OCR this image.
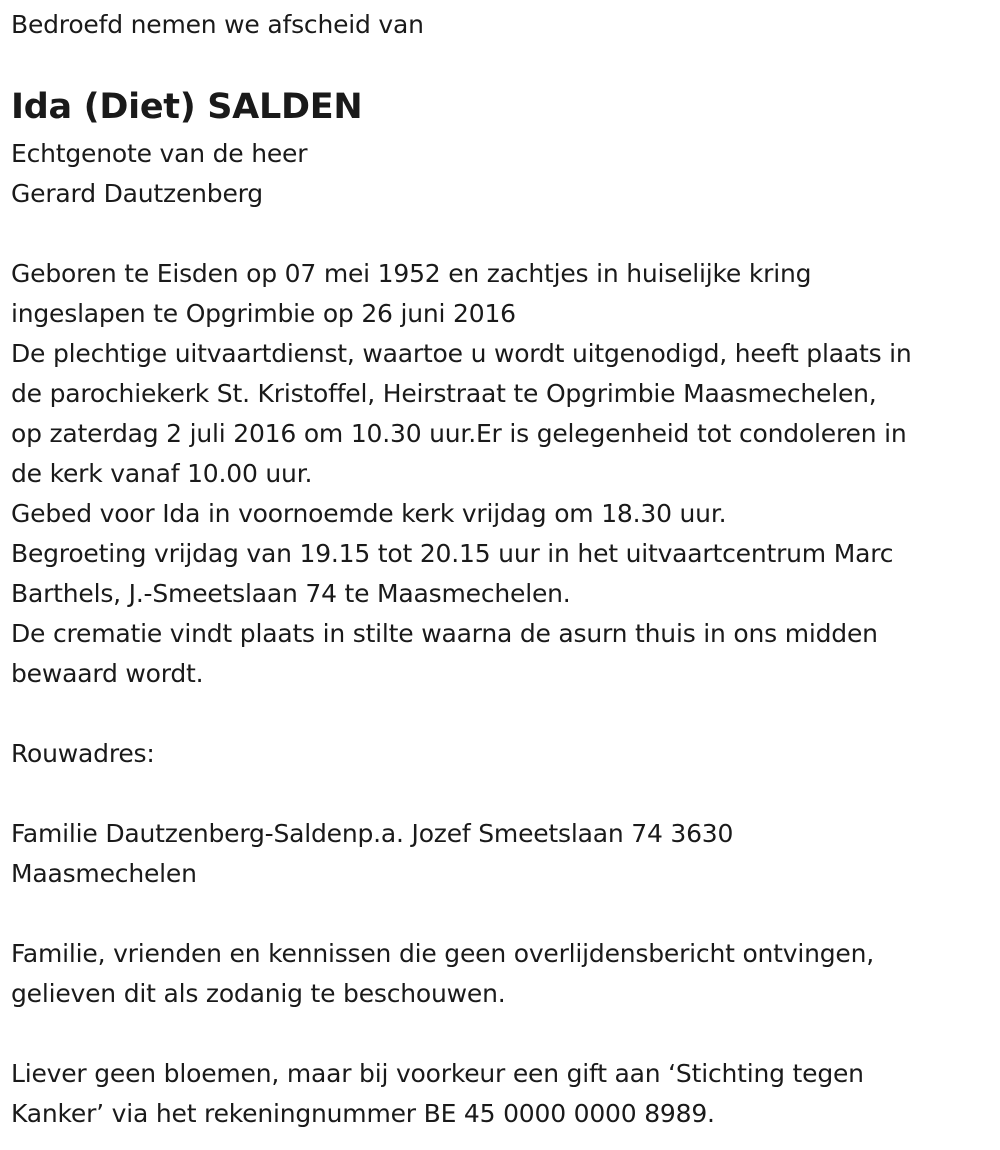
Bedroefd nemen we afscheid van
Ida (Diet) SALDEN
Echtgenote van de heer
Gerard Dautzenberg
Geboren te Eisden op 07 mei 1952 en zachtjes in huiselijke kring
ingeslapen te Opgrimbie op 26 juni 2016
De plechtige uitvaartdienst, waartoe u wordt uitgenodigd, heeft plaats in
de parochiekerk St. Kristoffel, Heirstraat te Opgrimbie Maasmechelen,
op zaterdag 2 juli 2016 om 10.30 uur.Er is gelegenheid tot condoleren in
de kerk vanaf 10.00 uur.
Gebed voor Ida in voornoemde kerk vrijdag om 18.30 uur.
Begroeting vrijdag van 19.15 tot 20.15 uur in het uitvaartcentrum Marc
Barthels, J.-Smeetslaan 74 te Maasmechelen.
De crematie vindt plaats in stilte waarna de asurn thuis in ons midden
bewaard wordt.
Rouwadres:
Familie Dautzenberg-Saldenp.a. Jozef Smeetslaan 74 3630
Maasmechelen
Familie, vrienden en kennissen die geen overlijdensbericht ontvingen,
gelieven dit als zodanig te beschouwen.
Liever geen bloemen, maar bij voorkeur een gift aan ‘Stichting tegen
Kanker’ via het rekeningnummer BE 45 0000 0000 8989.
